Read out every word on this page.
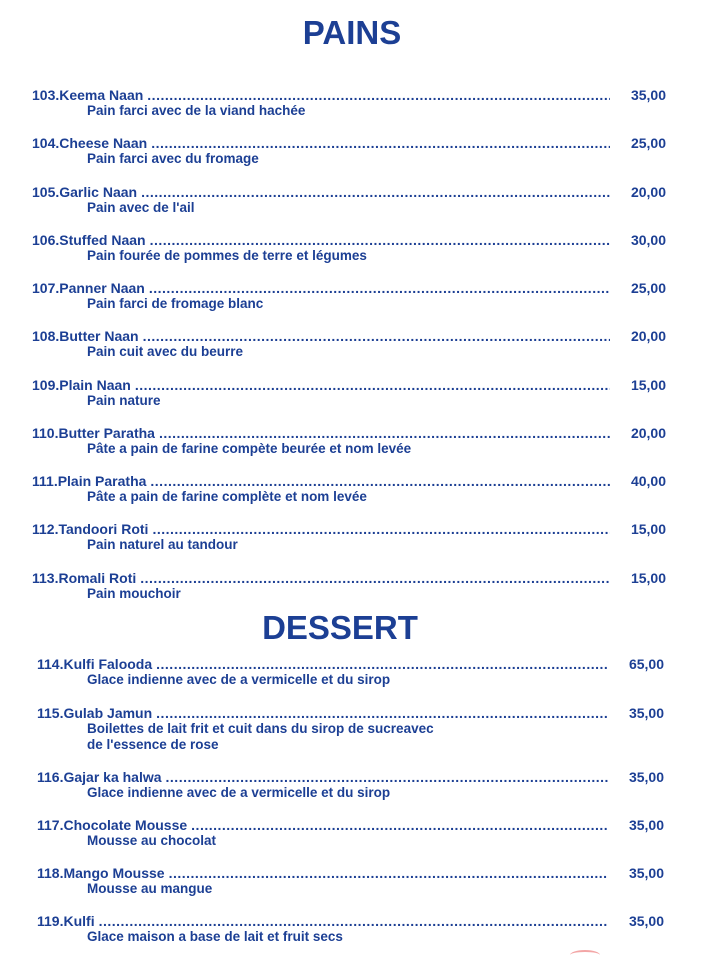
PAINS
103.Keema Naan .....	35,00
Pain farci avec de la viand hachée
104.Cheese Naan .....	25,00
Pain farci avec du fromage
105.Garlic Naan .....	20,00
Pain avec de l'ail
106.Stuffed Naan .....	30,00
Pain fourée de pommes de terre et légumes
107.Panner Naan .....	25,00
Pain farci de fromage blanc
108.Butter Naan .....	20,00
Pain cuit avec du beurre
109.Plain Naan .....	15,00
Pain nature
110.Butter Paratha .....	20,00
Pâte a pain de farine compète beurée et nom levée
111.Plain Paratha .....	40,00
Pâte a pain de farine complète et nom levée
112.Tandoori Roti .....	15,00
Pain naturel au tandour
113.Romali Roti .....	15,00
Pain mouchoir
DESSERT
114.Kulfi Falooda .....	65,00
Glace indienne avec de a vermicelle et du sirop
115.Gulab Jamun .....	35,00
Boilettes de lait frit et cuit dans du sirop de sucreavec
de l'essence de rose
116.Gajar ka halwa .....	35,00
Glace indienne avec de a vermicelle et du sirop
117.Chocolate Mousse .....	35,00
Mousse au chocolat
118.Mango Mousse .....	35,00
Mousse au mangue
119.Kulfi .....	35,00
Glace maison a base de lait et fruit secs
